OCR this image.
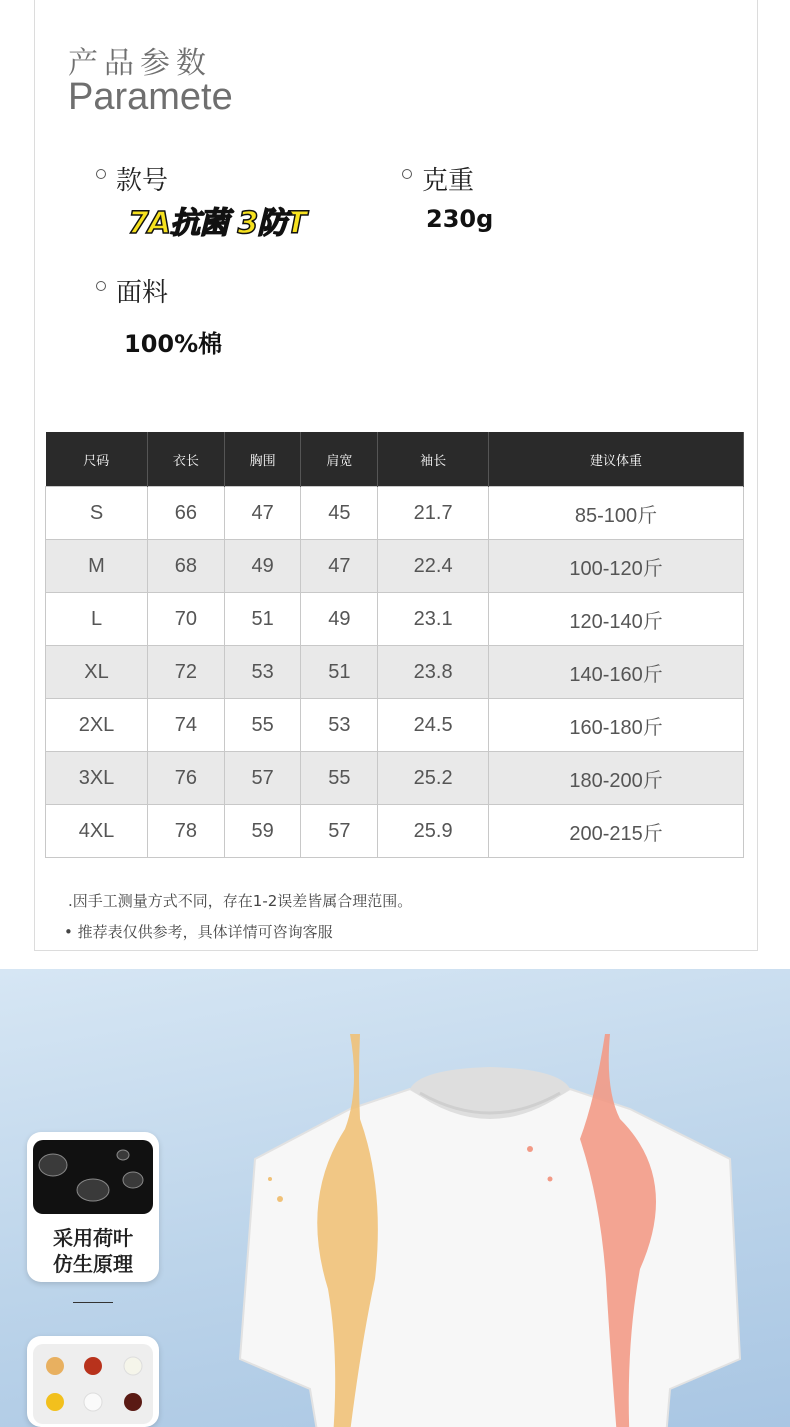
产品参数
Paramete
款号
7A抗菌 3防T
克重
230g
面料
100%棉
尺码	衣长	胸围	肩宽	袖长	建议体重
S	66	47	45	21.7	85-100斤
M	68	49	47	22.4	100-120斤
L	70	51	49	23.1	120-140斤
XL	72	53	51	23.8	140-160斤
2XL	74	55	53	24.5	160-180斤
3XL	76	57	55	25.2	180-200斤
4XL	78	59	57	25.9	200-215斤
.因手工测量方式不同，存在1-2误差皆属合理范围。
• 推荐表仅供参考，具体详情可咨询客服
采用荷叶
仿生原理
